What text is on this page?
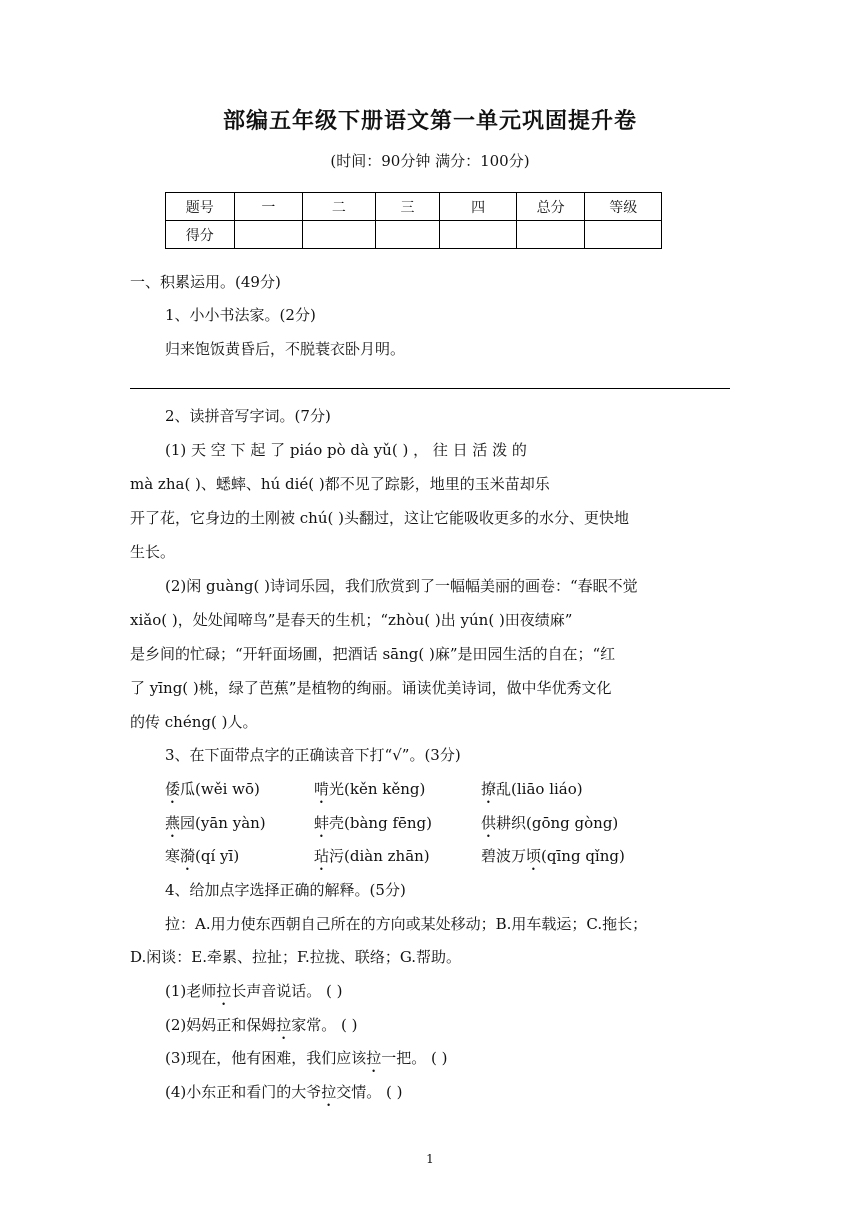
部编五年级下册语文第一单元巩固提升卷
(时间：90分钟 满分：100分)
题号	一	二	三	四	总分	等级
得分						
一、积累运用。(49分)
1、小小书法家。(2分)
归来饱饭黄昏后，不脱蓑衣卧月明。
2、读拼音写字词。(7分)
(1) 天 空 下 起 了 piáo pò dà yǔ( ) ， 往 日 活 泼 的
mà zha( )、蟋蟀、hú dié( )都不见了踪影，地里的玉米苗却乐
开了花，它身边的土刚被 chú( )头翻过，这让它能吸收更多的水分、更快地
生长。
(2)闲 guàng( )诗词乐园，我们欣赏到了一幅幅美丽的画卷：“春眠不觉
xiǎo( )，处处闻啼鸟”是春天的生机；“zhòu( )出 yún( )田夜绩麻”
是乡间的忙碌；“开轩面场圃，把酒话 sāng( )麻”是田园生活的自在；“红
了 yīng( )桃，绿了芭蕉”是植物的绚丽。诵读优美诗词，做中华优秀文化
的传 chéng( )人。
3、在下面带点字的正确读音下打“√”。(3分)
倭瓜(wěi wō)	啃光(kěn kěng)	撩乱(liāo liáo)
燕园(yān yàn)	蚌壳(bàng fēng)	供耕织(gōng gòng)
寒漪(qí yī)	玷污(diàn zhān)	碧波万顷(qīng qǐng)
4、给加点字选择正确的解释。(5分)
拉：A.用力使东西朝自己所在的方向或某处移动；B.用车载运；C.拖长；
D.闲谈：E.牵累、拉扯；F.拉拢、联络；G.帮助。
(1)老师拉长声音说话。 ( )
(2)妈妈正和保姆拉家常。 ( )
(3)现在，他有困难，我们应该拉一把。 ( )
(4)小东正和看门的大爷拉交情。 ( )
1
